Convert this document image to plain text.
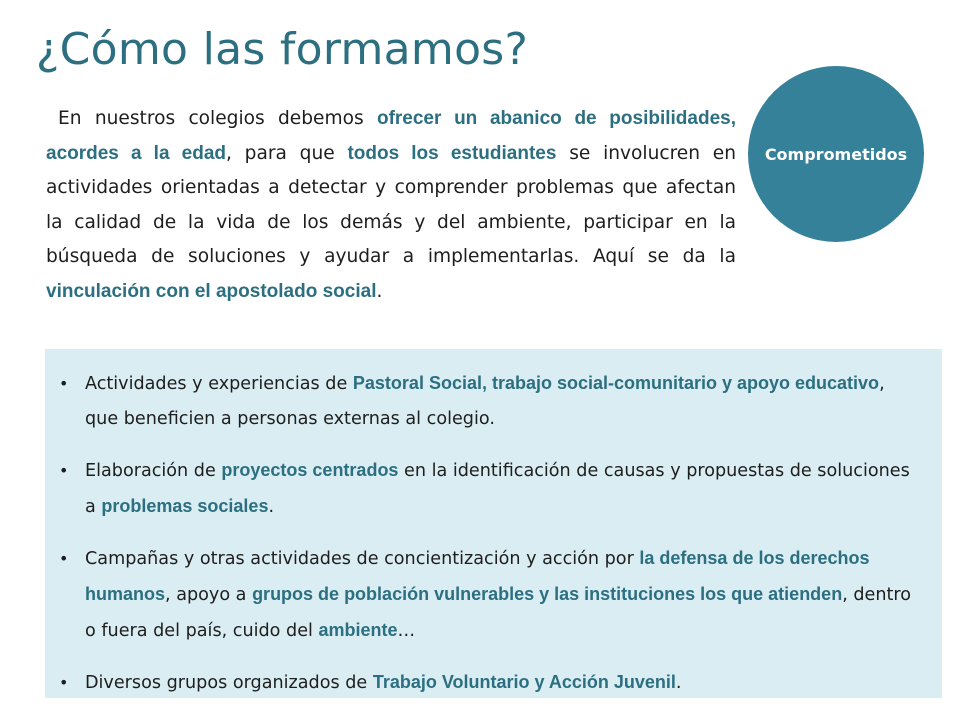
¿Cómo las formamos?

En nuestros colegios debemos ofrecer un abanico de posibilidades, acordes a la edad, para que todos los estudiantes se involucren en actividades orientadas a detectar y comprender problemas que afectan la calidad de la vida de los demás y del ambiente, participar en la búsqueda de soluciones y ayudar a implementarlas. Aquí se da la vinculación con el apostolado social.

Comprometidos
• Actividades y experiencias de Pastoral Social, trabajo social-comunitario y apoyo educativo, que beneficien a personas externas al colegio.
• Elaboración de proyectos centrados en la identificación de causas y propuestas de soluciones a problemas sociales.
• Campañas y otras actividades de concientización y acción por la defensa de los derechos humanos, apoyo a grupos de población vulnerables y las instituciones los que atienden, dentro o fuera del país, cuido del ambiente…
• Diversos grupos organizados de Trabajo Voluntario y Acción Juvenil.
